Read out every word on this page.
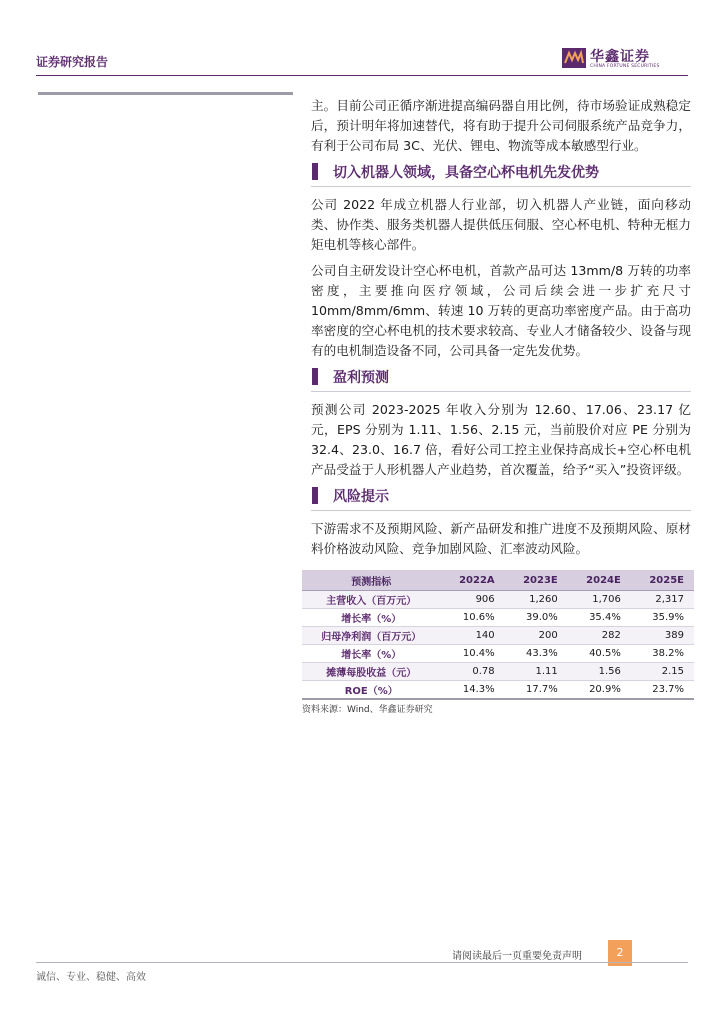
证券研究报告	华鑫证券
CHINA FORTUNE SECURITIES

主。目前公司正循序渐进提高编码器自用比例，待市场验证成熟稳定后，预计明年将加速替代，将有助于提升公司伺服系统产品竞争力，有利于公司布局 3C、光伏、锂电、物流等成本敏感型行业。

切入机器人领域，具备空心杯电机先发优势

公司 2022 年成立机器人行业部，切入机器人产业链，面向移动类、协作类、服务类机器人提供低压伺服、空心杯电机、特种无框力矩电机等核心部件。

公司自主研发设计空心杯电机，首款产品可达 13mm/8 万转的功率密度，主要推向医疗领域，公司后续会进一步扩充尺寸10mm/8mm/6mm、转速 10 万转的更高功率密度产品。由于高功率密度的空心杯电机的技术要求较高、专业人才储备较少、设备与现有的电机制造设备不同，公司具备一定先发优势。

盈利预测

预测公司 2023-2025 年收入分别为 12.60、17.06、23.17 亿元，EPS 分别为 1.11、1.56、2.15 元，当前股价对应 PE 分别为 32.4、23.0、16.7 倍，看好公司工控主业保持高成长+空心杯电机产品受益于人形机器人产业趋势，首次覆盖，给予“买入”投资评级。

风险提示

下游需求不及预期风险、新产品研发和推广进度不及预期风险、原材料价格波动风险、竞争加剧风险、汇率波动风险。

预测指标	2022A	2023E	2024E	2025E
主营收入（百万元）	906	1,260	1,706	2,317
增长率（%）	10.6%	39.0%	35.4%	35.9%
归母净利润（百万元）	140	200	282	389
增长率（%）	10.4%	43.3%	40.5%	38.2%
摊薄每股收益（元）	0.78	1.11	1.56	2.15
ROE（%）	14.3%	17.7%	20.9%	23.7%
资料来源：Wind、华鑫证券研究
请阅读最后一页重要免责声明	2
诚信、专业、稳健、高效
